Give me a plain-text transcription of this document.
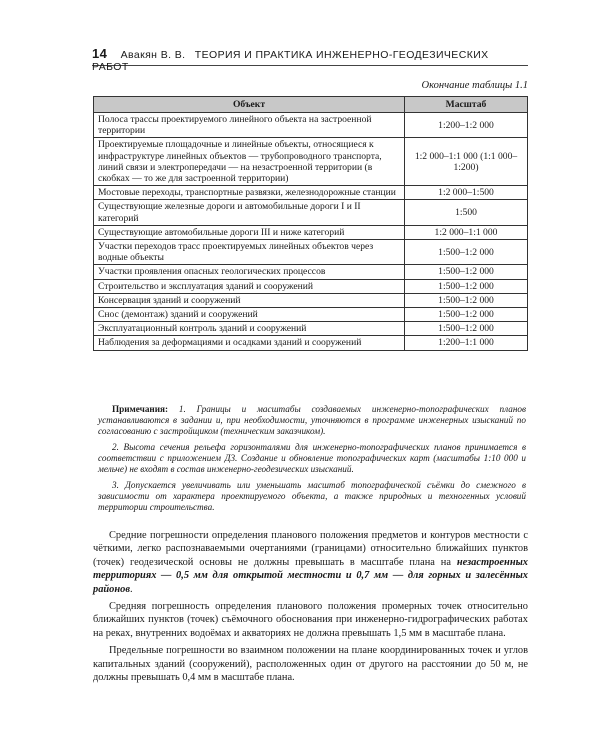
14 Авакян В. В. ТЕОРИЯ И ПРАКТИКА ИНЖЕНЕРНО-ГЕОДЕЗИЧЕСКИХ РАБОТ
Окончание таблицы 1.1
Объект	Масштаб
Полоса трассы проектируемого линейного объекта на застроенной территории	1:200–1:2 000
Проектируемые площадочные и линейные объекты, относящиеся к инфраструктуре линейных объектов — трубопроводного транспорта, линий связи и электропередачи — на незастроенной территории (в скобках — то же для застроенной территории)	1:2 000–1:1 000 (1:1 000–1:200)
Мостовые переходы, транспортные развязки, железнодорожные станции	1:2 000–1:500
Существующие железные дороги и автомобильные дороги I и II категорий	1:500
Существующие автомобильные дороги III и ниже категорий	1:2 000–1:1 000
Участки переходов трасс проектируемых линейных объектов через водные объекты	1:500–1:2 000
Участки проявления опасных геологических процессов	1:500–1:2 000
Строительство и эксплуатация зданий и сооружений	1:500–1:2 000
Консервация зданий и сооружений	1:500–1:2 000
Снос (демонтаж) зданий и сооружений	1:500–1:2 000
Эксплуатационный контроль зданий и сооружений	1:500–1:2 000
Наблюдения за деформациями и осадками зданий и сооружений	1:200–1:1 000

Примечания: 1. Границы и масштабы создаваемых инженерно-топографических планов устанавливаются в задании и, при необходимости, уточняются в программе инженерных изысканий по согласованию с застройщиком (техническим заказчиком).

2. Высота сечения рельефа горизонталями для инженерно-топографических планов принимается в соответствии с приложением Д3. Создание и обновление топографических карт (масштабы 1:10 000 и мельче) не входят в состав инженерно-геодезических изысканий.

3. Допускается увеличивать или уменьшать масштаб топографической съёмки до смежного в зависимости от характера проектируемого объекта, а также природных и техногенных условий территории строительства.

Средние погрешности определения планового положения предметов и контуров местности с чёткими, легко распознаваемыми очертаниями (границами) относительно ближайших пунктов (точек) геодезической основы не должны превышать в масштабе плана на незастроенных территориях — 0,5 мм для открытой местности и 0,7 мм — для горных и залесённых районов.

Средняя погрешность определения планового положения промерных точек относительно ближайших пунктов (точек) съёмочного обоснования при инженерно-гидрографических работах на реках, внутренних водоёмах и акваториях не должна превышать 1,5 мм в масштабе плана.

Предельные погрешности во взаимном положении на плане координированных точек и углов капитальных зданий (сооружений), расположенных один от другого на расстоянии до 50 м, не должны превышать 0,4 мм в масштабе плана.
